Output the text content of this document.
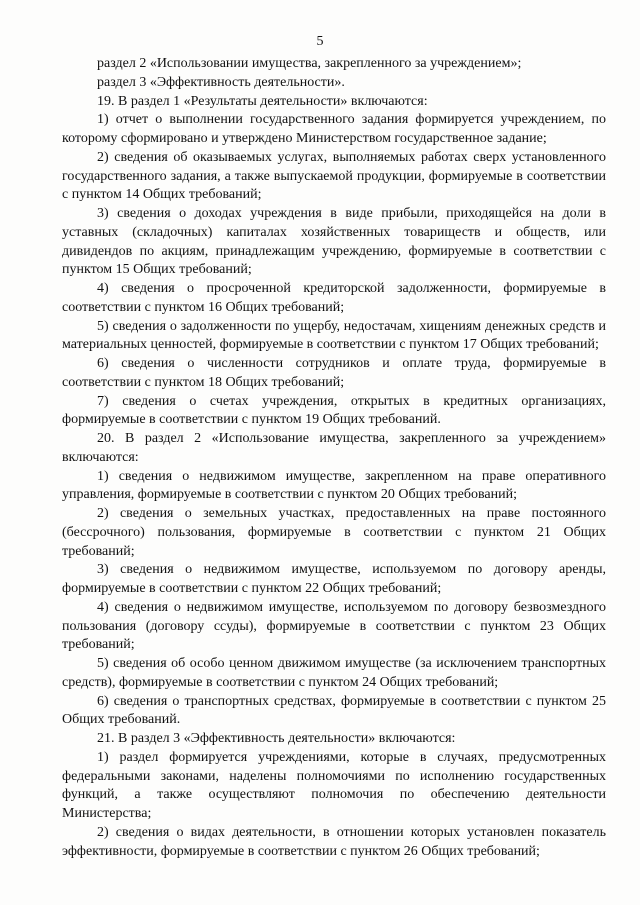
5

раздел 2 «Использовании имущества, закрепленного за учреждением»;

раздел 3 «Эффективность деятельности».

19. В раздел 1 «Результаты деятельности» включаются:

1) отчет о выполнении государственного задания формируется учреждением, по которому сформировано и утверждено Министерством государственное задание;

2) сведения об оказываемых услугах, выполняемых работах сверх установленного государственного задания, а также выпускаемой продукции, формируемые в соответствии с пунктом 14 Общих требований;

3) сведения о доходах учреждения в виде прибыли, приходящейся на доли в уставных (складочных) капиталах хозяйственных товариществ и обществ, или дивидендов по акциям, принадлежащим учреждению, формируемые в соответствии с пунктом 15 Общих требований;

4) сведения о просроченной кредиторской задолженности, формируемые в соответствии с пунктом 16 Общих требований;

5) сведения о задолженности по ущербу, недостачам, хищениям денежных средств и материальных ценностей, формируемые в соответствии с пунктом 17 Общих требований;

6) сведения о численности сотрудников и оплате труда, формируемые в соответствии с пунктом 18 Общих требований;

7) сведения о счетах учреждения, открытых в кредитных организациях, формируемые в соответствии с пунктом 19 Общих требований.

20. В раздел 2 «Использование имущества, закрепленного за учреждением» включаются:

1) сведения о недвижимом имуществе, закрепленном на праве оперативного управления, формируемые в соответствии с пунктом 20 Общих требований;

2) сведения о земельных участках, предоставленных на праве постоянного (бессрочного) пользования, формируемые в соответствии с пунктом 21 Общих требований;

3) сведения о недвижимом имуществе, используемом по договору аренды, формируемые в соответствии с пунктом 22 Общих требований;

4) сведения о недвижимом имуществе, используемом по договору безвозмездного пользования (договору ссуды), формируемые в соответствии с пунктом 23 Общих требований;

5) сведения об особо ценном движимом имуществе (за исключением транспортных средств), формируемые в соответствии с пунктом 24 Общих требований;

6) сведения о транспортных средствах, формируемые в соответствии с пунктом 25 Общих требований.

21. В раздел 3 «Эффективность деятельности» включаются:

1) раздел формируется учреждениями, которые в случаях, предусмотренных федеральными законами, наделены полномочиями по исполнению государственных функций, а также осуществляют полномочия по обеспечению деятельности Министерства;

2) сведения о видах деятельности, в отношении которых установлен показатель эффективности, формируемые в соответствии с пунктом 26 Общих требований;
